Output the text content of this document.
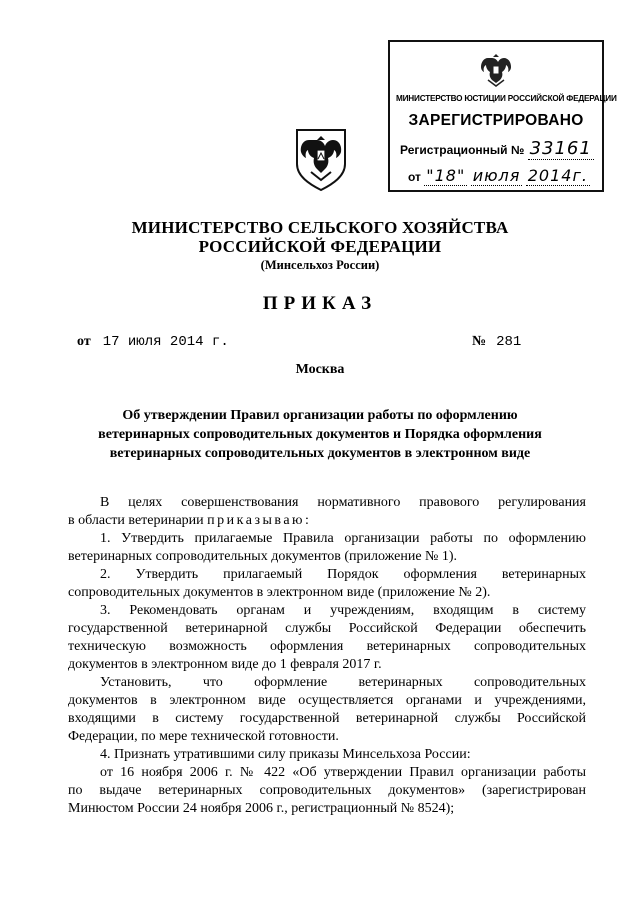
МИНИСТЕРСТВО ЮСТИЦИИ РОССИЙСКОЙ ФЕДЕРАЦИИ
ЗАРЕГИСТРИРОВАНО
Регистрационный № 33161
от "18" июля 2014г.
МИНИСТЕРСТВО СЕЛЬСКОГО ХОЗЯЙСТВА
РОССИЙСКОЙ ФЕДЕРАЦИИ
(Минсельхоз России)
ПРИКАЗ
от 17 июля 2014 г.	№ 281
Москва
Об утверждении Правил организации работы по оформлению
ветеринарных сопроводительных документов и Порядка оформления
ветеринарных сопроводительных документов в электронном виде
В целях совершенствования нормативного правового регулирования
в области ветеринарии приказываю:
1. Утвердить прилагаемые Правила организации работы по оформлению
ветеринарных сопроводительных документов (приложение № 1).
2. Утвердить прилагаемый Порядок оформления ветеринарных
сопроводительных документов в электронном виде (приложение № 2).
3. Рекомендовать органам и учреждениям, входящим в систему
государственной ветеринарной службы Российской Федерации обеспечить
техническую возможность оформления ветеринарных сопроводительных
документов в электронном виде до 1 февраля 2017 г.
Установить, что оформление ветеринарных сопроводительных
документов в электронном виде осуществляется органами и учреждениями,
входящими в систему государственной ветеринарной службы Российской
Федерации, по мере технической готовности.
4. Признать утратившими силу приказы Минсельхоза России:
от 16 ноября 2006 г. № 422 «Об утверждении Правил организации работы
по выдаче ветеринарных сопроводительных документов» (зарегистрирован
Минюстом России 24 ноября 2006 г., регистрационный № 8524);
